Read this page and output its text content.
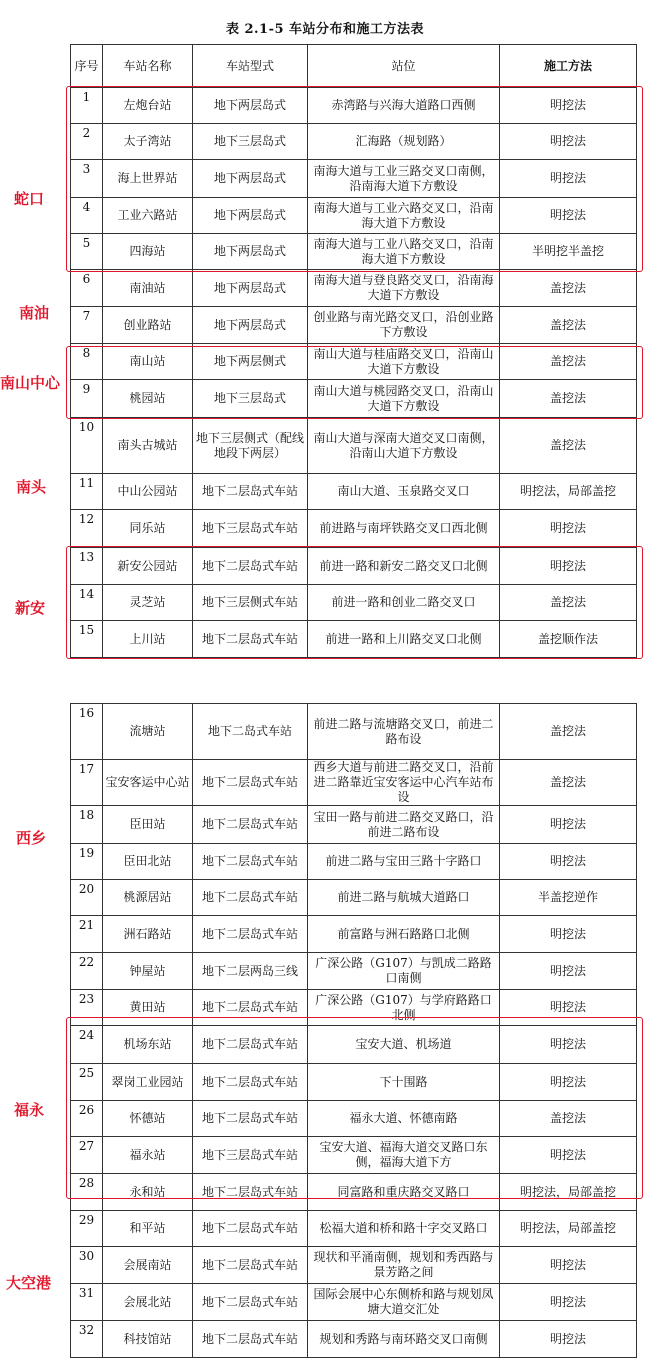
表 2.1-5 车站分布和施工方法表
序号	车站名称	车站型式	站位	施工方法
1	左炮台站	地下两层岛式	赤湾路与兴海大道路口西侧	明挖法
2	太子湾站	地下三层岛式	汇海路（规划路）	明挖法
3	海上世界站	地下两层岛式	南海大道与工业三路交叉口南侧，沿南海大道下方敷设	明挖法
4	工业六路站	地下两层岛式	南海大道与工业六路交叉口，沿南海大道下方敷设	明挖法
5	四海站	地下两层岛式	南海大道与工业八路交叉口，沿南海大道下方敷设	半明挖半盖挖
6	南油站	地下两层岛式	南海大道与登良路交叉口，沿南海大道下方敷设	盖挖法
7	创业路站	地下两层岛式	创业路与南光路交叉口，沿创业路下方敷设	盖挖法
8	南山站	地下两层侧式	南山大道与桂庙路交叉口，沿南山大道下方敷设	盖挖法
9	桃园站	地下三层岛式	南山大道与桃园路交叉口，沿南山大道下方敷设	盖挖法
10	南头古城站	地下三层侧式（配线地段下两层）	南山大道与深南大道交叉口南侧，沿南山大道下方敷设	盖挖法
11	中山公园站	地下二层岛式车站	南山大道、玉泉路交叉口	明挖法，局部盖挖
12	同乐站	地下三层岛式车站	前进路与南坪铁路交叉口西北侧	明挖法
13	新安公园站	地下二层岛式车站	前进一路和新安二路交叉口北侧	明挖法
14	灵芝站	地下三层侧式车站	前进一路和创业二路交叉口	盖挖法
15	上川站	地下二层岛式车站	前进一路和上川路交叉口北侧	盖挖顺作法
16	流塘站	地下二岛式车站	前进二路与流塘路交叉口，前进二路布设	盖挖法
17	宝安客运中心站	地下二层岛式车站	西乡大道与前进二路交叉口，沿前进二路靠近宝安客运中心汽车站布设	盖挖法
18	臣田站	地下二层岛式车站	宝田一路与前进二路交叉路口，沿前进二路布设	明挖法
19	臣田北站	地下二层岛式车站	前进二路与宝田三路十字路口	明挖法
20	桃源居站	地下二层岛式车站	前进二路与航城大道路口	半盖挖逆作
21	洲石路站	地下二层岛式车站	前富路与洲石路路口北侧	明挖法
22	钟屋站	地下二层两岛三线	广深公路（G107）与凯成二路路口南侧	明挖法
23	黄田站	地下二层岛式车站	广深公路（G107）与学府路路口北侧	明挖法
24	机场东站	地下二层岛式车站	宝安大道、机场道	明挖法
25	翠岗工业园站	地下二层岛式车站	下十围路	明挖法
26	怀德站	地下二层岛式车站	福永大道、怀德南路	盖挖法
27	福永站	地下三层岛式车站	宝安大道、福海大道交叉路口东侧，福海大道下方	明挖法
28	永和站	地下二层岛式车站	同富路和重庆路交叉路口	明挖法，局部盖挖
29	和平站	地下二层岛式车站	松福大道和桥和路十字交叉路口	明挖法，局部盖挖
30	会展南站	地下二层岛式车站	现状和平涌南侧，规划和秀西路与景芳路之间	明挖法
31	会展北站	地下二层岛式车站	国际会展中心东侧桥和路与规划凤塘大道交汇处	明挖法
32	科技馆站	地下二层岛式车站	规划和秀路与南环路交叉口南侧	明挖法
蛇口
南油
南山中心
南头
新安
西乡
福永
大空港
